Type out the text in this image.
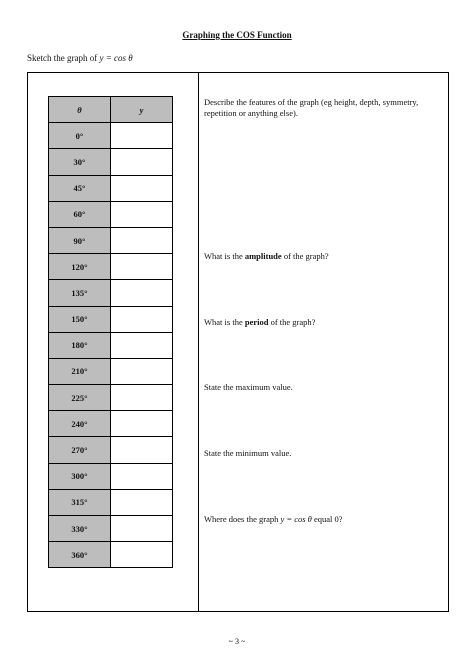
Graphing the COS Function
Sketch the graph of y = cos θ
θ	y
0°	
30°	
45°	
60°	
90°	
120°	
135°	
150°	
180°	
210°	
225°	
240°	
270°	
300°	
315°	
330°	
360°	
Describe the features of the graph (eg height, depth, symmetry, repetition or anything else).
What is the amplitude of the graph?
What is the period of the graph?
State the maximum value.
State the minimum value.
Where does the graph y = cos θ equal 0?
~ 3 ~
